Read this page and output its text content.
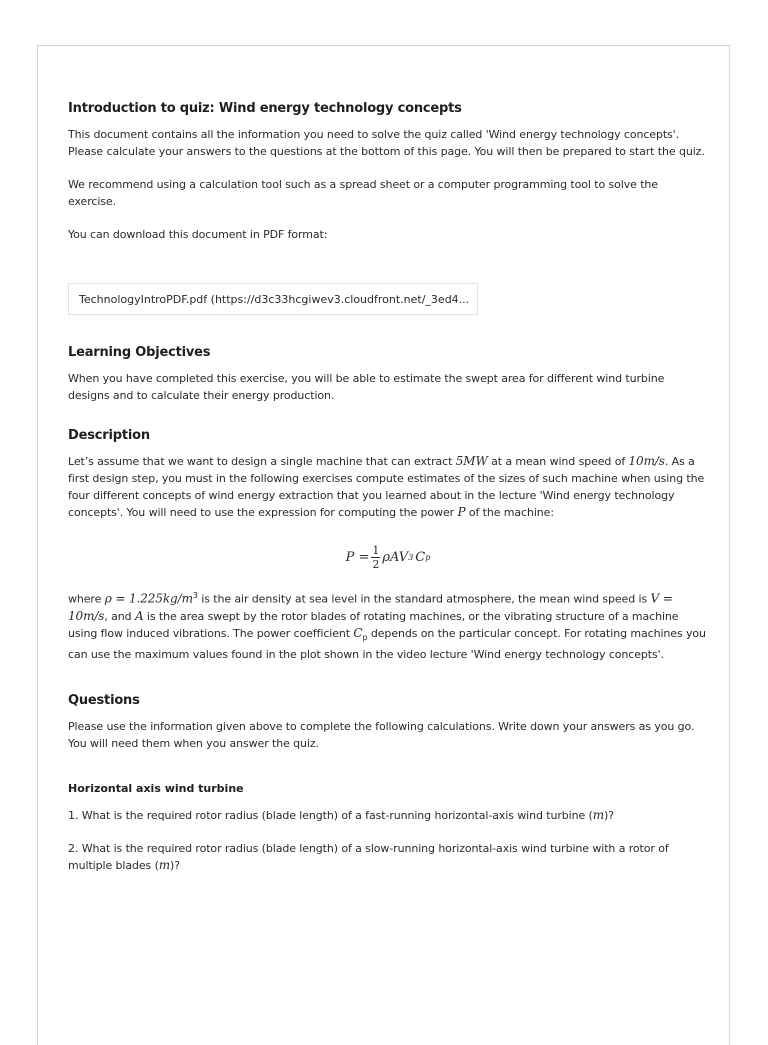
Introduction to quiz: Wind energy technology concepts

This document contains all the information you need to solve the quiz called 'Wind energy technology concepts'. Please calculate your answers to the questions at the bottom of this page. You will then be prepared to start the quiz.

We recommend using a calculation tool such as a spread sheet or a computer programming tool to solve the exercise.

You can download this document in PDF format:

TechnologyIntroPDF.pdf (https://d3c33hcgiwev3.cloudfront.net/_3ed4...
Learning Objectives

When you have completed this exercise, you will be able to estimate the swept area for different wind turbine designs and to calculate their energy production.

Description

Let’s assume that we want to design a single machine that can extract 5MW at a mean wind speed of 10m/s. As a first design step, you must in the following exercises compute estimates of the sizes of such machine when using the four different concepts of wind energy extraction that you learned about in the lecture 'Wind energy technology concepts'. You will need to use the expression for computing the power P of the machine:

$P = \frac{1}{2}$ ρAV 3 C p

where $\rho = 1.225kg/m^3$ is the air density at sea level in the standard atmosphere, the mean wind speed is V = 10m/s, and A is the area swept by the rotor blades of rotating machines, or the vibrating structure of a machine using flow induced vibrations. The power coefficient $C_p$ depends on the particular concept. For rotating machines you can use the maximum values found in the plot shown in the video lecture 'Wind energy technology concepts'.

Questions

Please use the information given above to complete the following calculations. Write down your answers as you go. You will need them when you answer the quiz.

Horizontal axis wind turbine

1. What is the required rotor radius (blade length) of a fast-running horizontal-axis wind turbine (m)?

2. What is the required rotor radius (blade length) of a slow-running horizontal-axis wind turbine with a rotor of multiple blades (m)?
